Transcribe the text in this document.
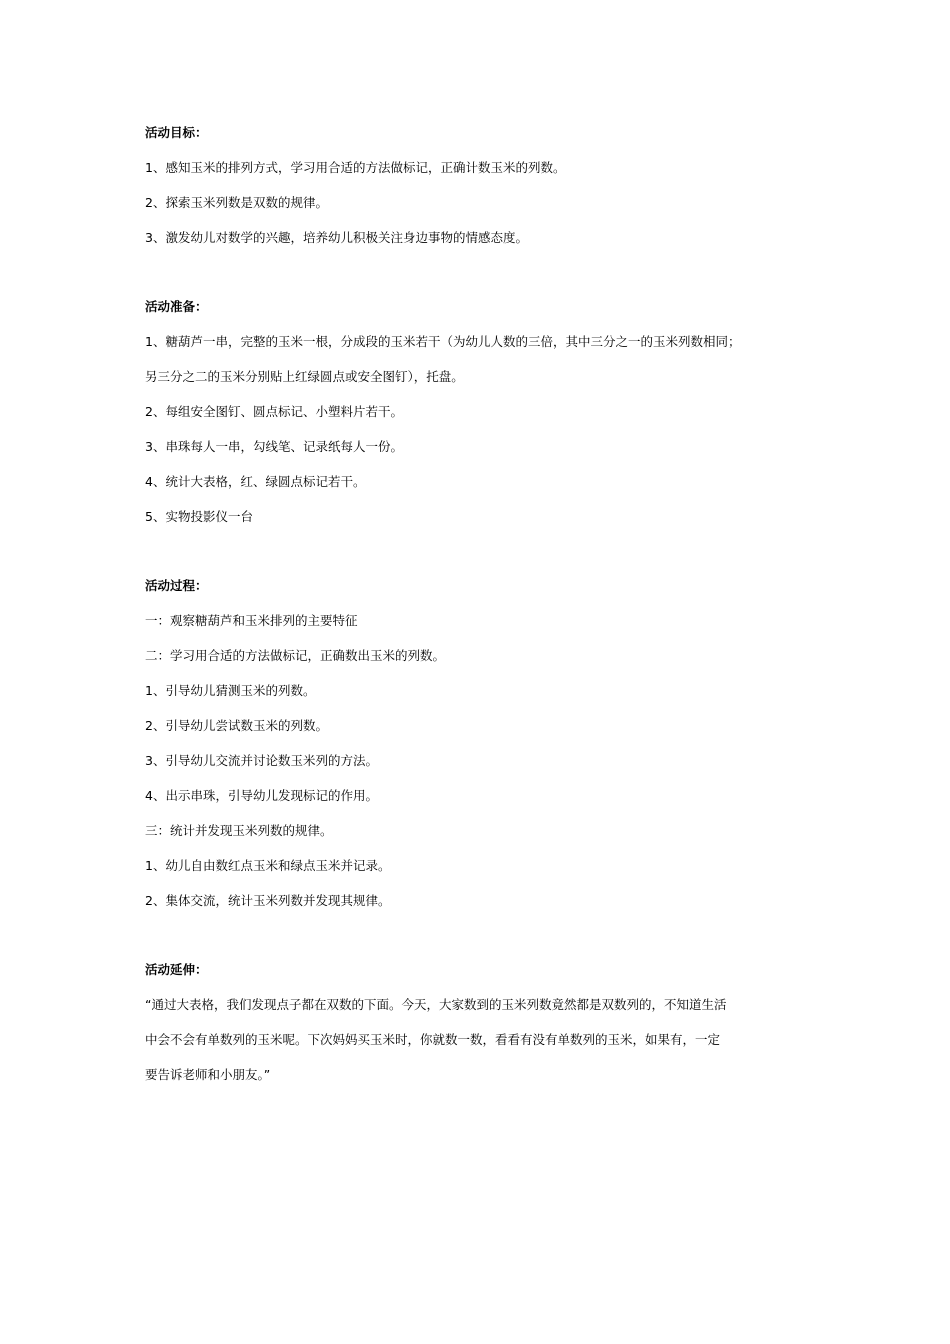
活动目标：
1、感知玉米的排列方式，学习用合适的方法做标记，正确计数玉米的列数。
2、探索玉米列数是双数的规律。
3、激发幼儿对数学的兴趣，培养幼儿积极关注身边事物的情感态度。
活动准备：
1、糖葫芦一串，完整的玉米一根，分成段的玉米若干（为幼儿人数的三倍，其中三分之一的玉米列数相同；
另三分之二的玉米分别贴上红绿圆点或安全图钉），托盘。
2、每组安全图钉、圆点标记、小塑料片若干。
3、串珠每人一串，勾线笔、记录纸每人一份。
4、统计大表格，红、绿圆点标记若干。
5、实物投影仪一台
活动过程：
一：观察糖葫芦和玉米排列的主要特征
二：学习用合适的方法做标记，正确数出玉米的列数。
1、引导幼儿猜测玉米的列数。
2、引导幼儿尝试数玉米的列数。
3、引导幼儿交流并讨论数玉米列的方法。
4、出示串珠，引导幼儿发现标记的作用。
三：统计并发现玉米列数的规律。
1、幼儿自由数红点玉米和绿点玉米并记录。
2、集体交流，统计玉米列数并发现其规律。
活动延伸：
“通过大表格，我们发现点子都在双数的下面。今天，大家数到的玉米列数竟然都是双数列的，不知道生活
中会不会有单数列的玉米呢。下次妈妈买玉米时，你就数一数，看看有没有单数列的玉米，如果有，一定
要告诉老师和小朋友。”
